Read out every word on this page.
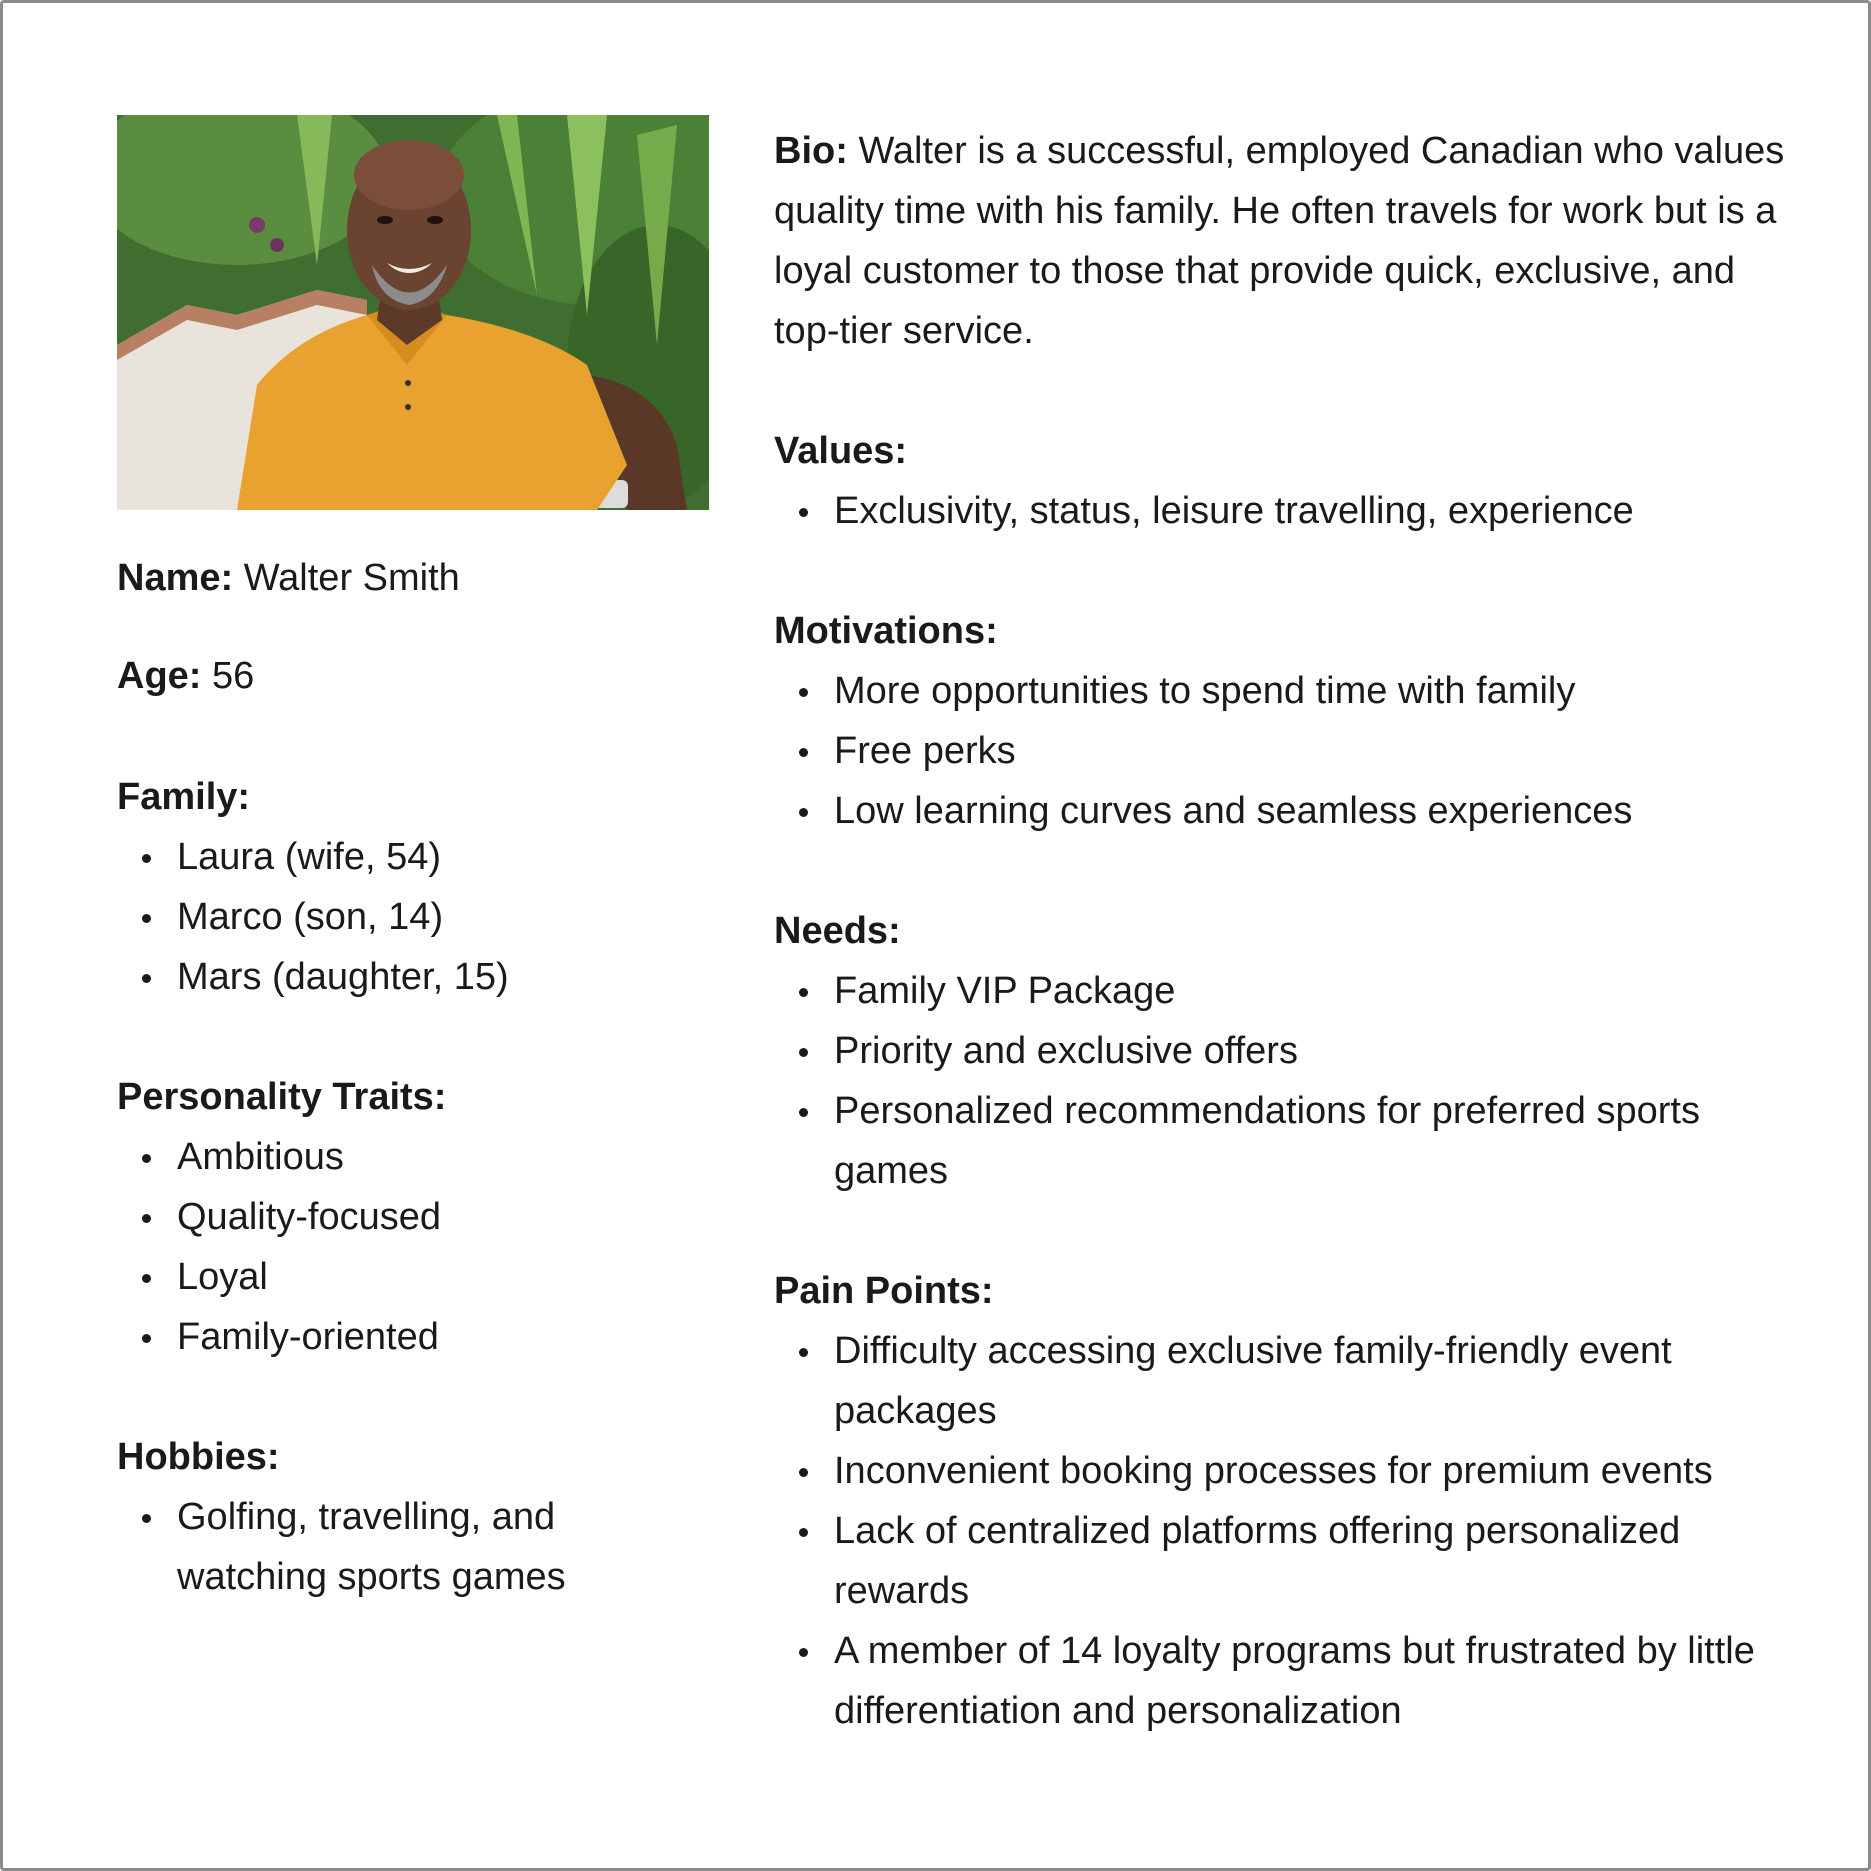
Name: Walter Smith

Age: 56

Family:

Laura (wife, 54)
Marco (son, 14)
Mars (daughter, 15)

Personality Traits:

Ambitious
Quality-focused
Loyal
Family-oriented

Hobbies:

Golfing, travelling, and watching sports games

Bio: Walter is a successful, employed Canadian who values quality time with his family. He often travels for work but is a loyal customer to those that provide quick, exclusive, and top-tier service.

Values:

Exclusivity, status, leisure travelling, experience

Motivations:

More opportunities to spend time with family
Free perks
Low learning curves and seamless experiences

Needs:

Family VIP Package
Priority and exclusive offers
Personalized recommendations for preferred sports games

Pain Points:

Difficulty accessing exclusive family-friendly event packages
Inconvenient booking processes for premium events
Lack of centralized platforms offering personalized rewards
A member of 14 loyalty programs but frustrated by little differentiation and personalization
